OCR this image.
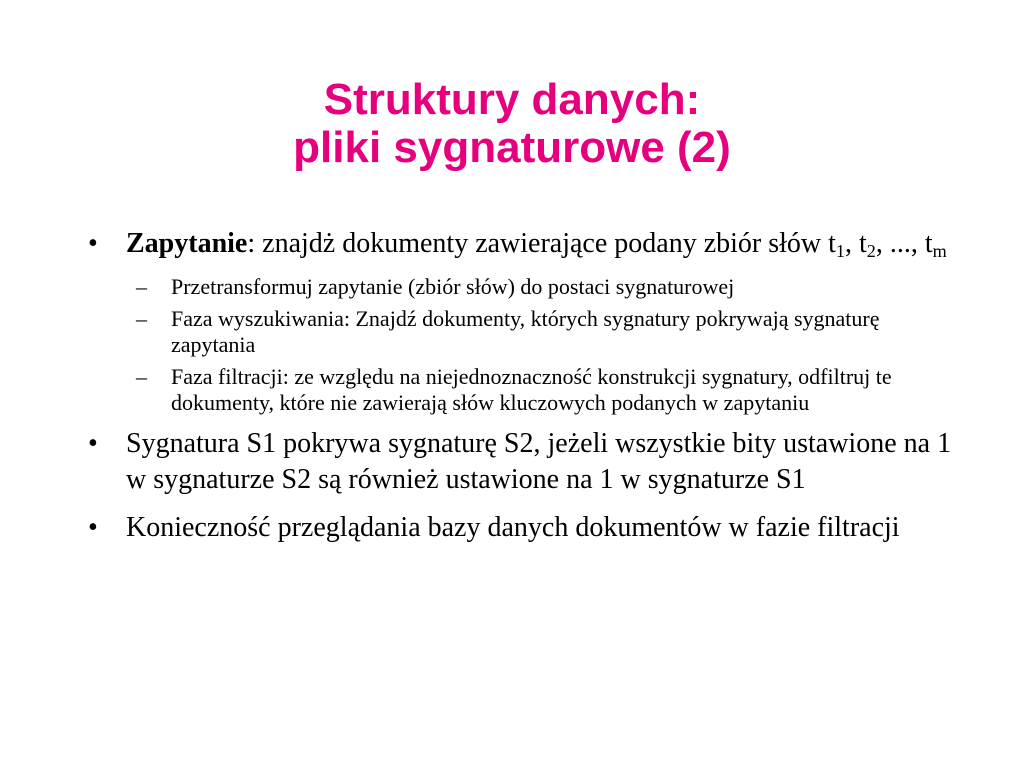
Struktury danych:
pliki sygnaturowe (2)
• Zapytanie: znajdż dokumenty zawierające podany zbiór słów $t_1$, $t_2$, ..., $t_m$
– Przetransformuj zapytanie (zbiór słów) do postaci sygnaturowej
– Faza wyszukiwania: Znajdź dokumenty, których sygnatury pokrywają sygnaturę zapytania
– Faza filtracji: ze względu na niejednoznaczność konstrukcji sygnatury, odfiltruj te dokumenty, które nie zawierają słów kluczowych podanych w zapytaniu
• Sygnatura S1 pokrywa sygnaturę S2, jeżeli wszystkie bity ustawione na 1 w sygnaturze S2 są również ustawione na 1 w sygnaturze S1
• Konieczność przeglądania bazy danych dokumentów w fazie filtracji
